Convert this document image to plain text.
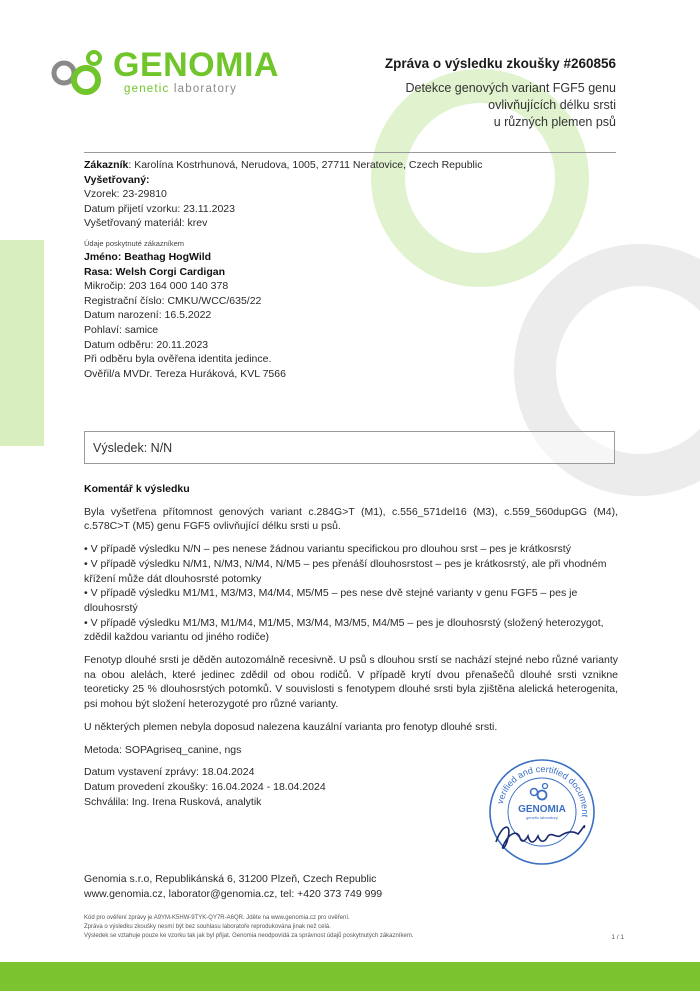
GENOMIA
genetic laboratory
Zpráva o výsledku zkoušky #260856
Detekce genových variant FGF5 genu
ovlivňujících délku srsti
u různých plemen psů
Zákazník: Karolína Kostrhunová, Nerudova, 1005, 27711 Neratovice, Czech Republic
Vyšetřovaný:
Vzorek: 23-29810
Datum přijetí vzorku: 23.11.2023
Vyšetřovaný materiál: krev
Údaje poskytnuté zákazníkem
Jméno: Beathag HogWild
Rasa: Welsh Corgi Cardigan
Mikročip: 203 164 000 140 378
Registrační číslo: CMKU/WCC/635/22
Datum narození: 16.5.2022
Pohlaví: samice
Datum odběru: 20.11.2023
Při odběru byla ověřena identita jedince.
Ověřil/a MVDr. Tereza Huráková, KVL 7566
Výsledek: N/N

Komentář k výsledku

Byla vyšetřena přítomnost genových variant c.284G>T (M1), c.556_571del16 (M3), c.559_560dupGG (M4), c.578C>T (M5) genu FGF5 ovlivňující délku srsti u psů.

• V případě výsledku N/N – pes nenese žádnou variantu specifickou pro dlouhou srst – pes je krátkosrstý

• V případě výsledku N/M1, N/M3, N/M4, N/M5 – pes přenáší dlouhosrstost – pes je krátkosrstý, ale při vhodném křížení může dát dlouhosrsté potomky

• V případě výsledku M1/M1, M3/M3, M4/M4, M5/M5 – pes nese dvě stejné varianty v genu FGF5 – pes je dlouhosrstý

• V případě výsledku M1/M3, M1/M4, M1/M5, M3/M4, M3/M5, M4/M5 – pes je dlouhosrstý (složený heterozygot, zdědil každou variantu od jiného rodiče)

Fenotyp dlouhé srsti je děděn autozomálně recesivně. U psů s dlouhou srstí se nachází stejné nebo různé varianty na obou alelách, které jedinec zdědil od obou rodičů. V případě krytí dvou přenašečů dlouhé srsti vznikne teoreticky 25 % dlouhosrstých potomků. V souvislosti s fenotypem dlouhé srsti byla zjištěna alelická heterogenita, psi mohou být složení heterozygoté pro různé varianty.

U některých plemen nebyla doposud nalezena kauzální varianta pro fenotyp dlouhé srsti.

Metoda: SOPAgriseq_canine, ngs

Datum vystavení zprávy: 18.04.2024

Datum provedení zkoušky: 16.04.2024 - 18.04.2024

Schválila: Ing. Irena Rusková, analytik	verified and certified document
GENOMIA
genetic laboratory
Genomia s.r.o, Republikánská 6, 31200 Plzeň, Czech Republic
www.genomia.cz, laborator@genomia.cz, tel: +420 373 749 999
Kód pro ověření zprávy je A9YM-K5HW-9TYK-QY7R-A6QR. Jděte na www.genomia.cz pro ověření.
Zpráva o výsledku zkoušky nesmí být bez souhlasu laboratoře reprodukována jinak než celá.
Výsledek se vztahuje pouze ke vzorku tak jak byl přijat. Genomia neodpovídá za správnost údajů poskytnutých zákazníkem.	1 / 1
